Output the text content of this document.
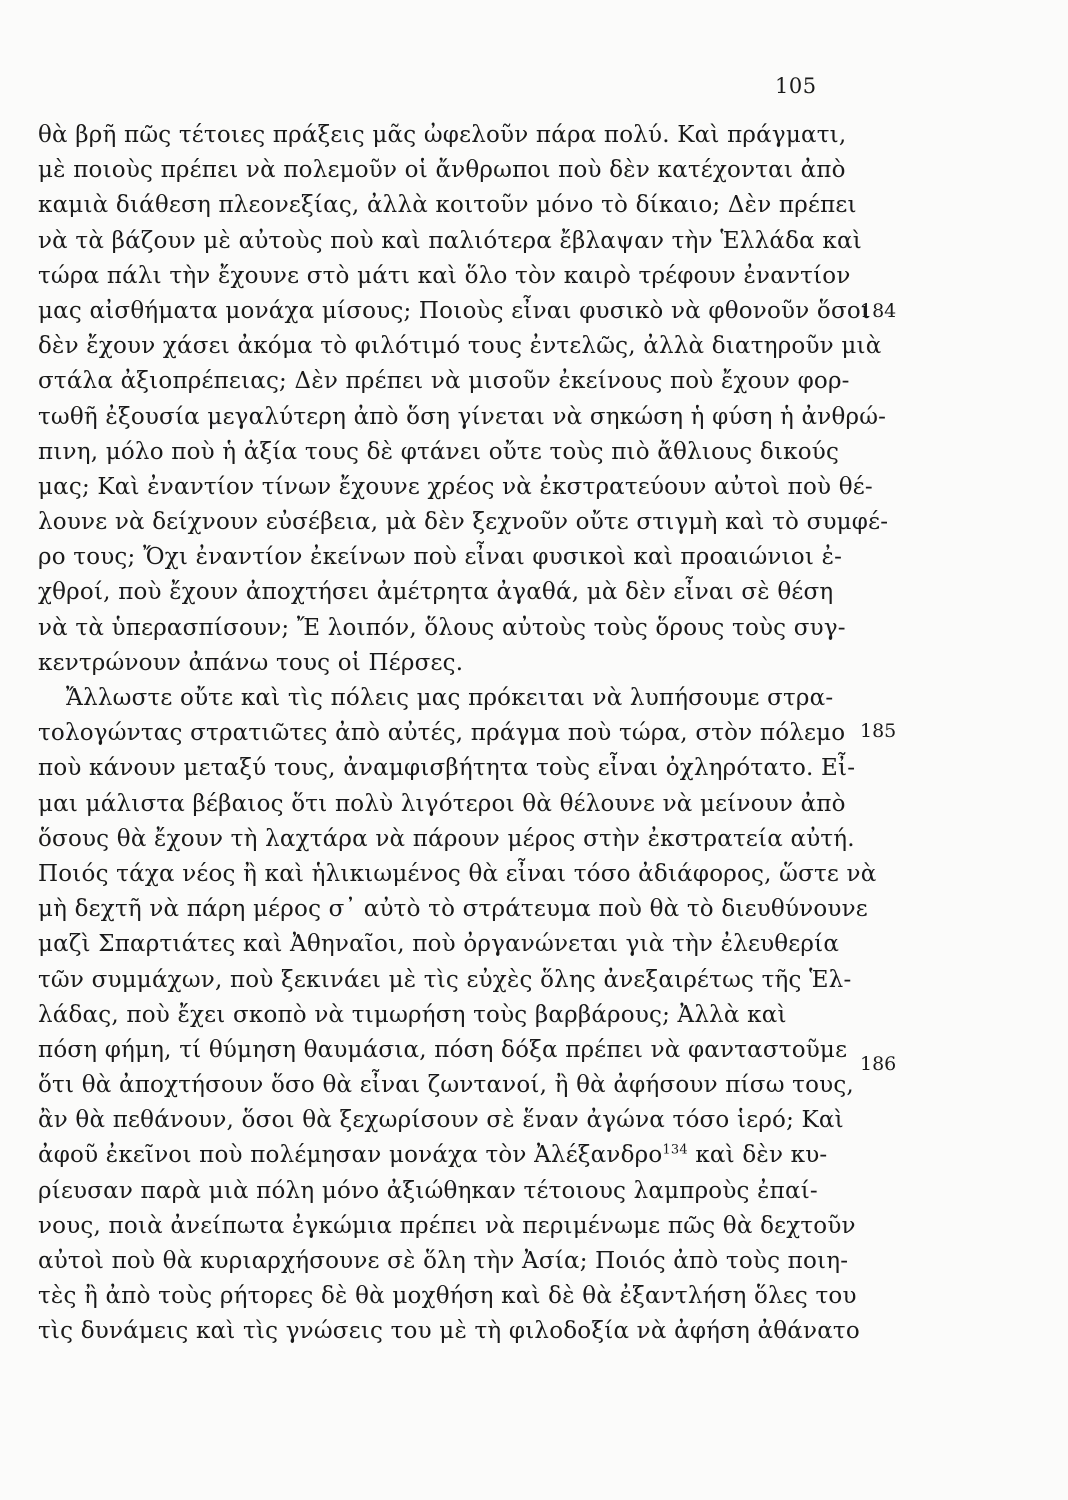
105
θὰ βρῆ πῶς τέτοιες πράξεις μᾶς ὠφελοῦν πάρα πολύ. Καὶ πράγματι,
μὲ ποιοὺς πρέπει νὰ πολεμοῦν οἱ ἄνθρωποι ποὺ δὲν κατέχονται ἀπὸ
καμιὰ διάθεση πλεονεξίας, ἀλλὰ κοιτοῦν μόνο τὸ δίκαιο; Δὲν πρέπει
νὰ τὰ βάζουν μὲ αὐτοὺς ποὺ καὶ παλιότερα ἔβλαψαν τὴν Ἑλλάδα καὶ
τώρα πάλι τὴν ἔχουνε στὸ μάτι καὶ ὅλο τὸν καιρὸ τρέφουν ἐναντίον
μας αἰσθήματα μονάχα μίσους; Ποιοὺς εἶναι φυσικὸ νὰ φθονοῦν ὅσοι
δὲν ἔχουν χάσει ἀκόμα τὸ φιλότιμό τους ἐντελῶς, ἀλλὰ διατηροῦν μιὰ
στάλα ἀξιοπρέπειας; Δὲν πρέπει νὰ μισοῦν ἐκείνους ποὺ ἔχουν φορ-
τωθῆ ἐξουσία μεγαλύτερη ἀπὸ ὅση γίνεται νὰ σηκώση ἡ φύση ἡ ἀνθρώ-
πινη, μόλο ποὺ ἡ ἀξία τους δὲ φτάνει οὔτε τοὺς πιὸ ἄθλιους δικούς
μας; Καὶ ἐναντίον τίνων ἔχουνε χρέος νὰ ἐκστρατεύουν αὐτοὶ ποὺ θέ-
λουνε νὰ δείχνουν εὐσέβεια, μὰ δὲν ξεχνοῦν οὔτε στιγμὴ καὶ τὸ συμφέ-
ρο τους; Ὄχι ἐναντίον ἐκείνων ποὺ εἶναι φυσικοὶ καὶ προαιώνιοι ἐ-
χθροί, ποὺ ἔχουν ἀποχτήσει ἀμέτρητα ἀγαθά, μὰ δὲν εἶναι σὲ θέση
νὰ τὰ ὑπερασπίσουν; Ἔ λοιπόν, ὅλους αὐτοὺς τοὺς ὅρους τοὺς συγ-
κεντρώνουν ἀπάνω τους οἱ Πέρσες.
Ἄλλωστε οὔτε καὶ τὶς πόλεις μας πρόκειται νὰ λυπήσουμε στρα-
τολογώντας στρατιῶτες ἀπὸ αὐτές, πράγμα ποὺ τώρα, στὸν πόλεμο
ποὺ κάνουν μεταξύ τους, ἀναμφισβήτητα τοὺς εἶναι ὀχληρότατο. Εἶ-
μαι μάλιστα βέβαιος ὅτι πολὺ λιγότεροι θὰ θέλουνε νὰ μείνουν ἀπὸ
ὅσους θὰ ἔχουν τὴ λαχτάρα νὰ πάρουν μέρος στὴν ἐκστρατεία αὐτή.
Ποιός τάχα νέος ἢ καὶ ἡλικιωμένος θὰ εἶναι τόσο ἀδιάφορος, ὥστε νὰ
μὴ δεχτῆ νὰ πάρη μέρος σ᾽ αὐτὸ τὸ στράτευμα ποὺ θὰ τὸ διευθύνουνε
μαζὶ Σπαρτιάτες καὶ Ἀθηναῖοι, ποὺ ὀργανώνεται γιὰ τὴν ἐλευθερία
τῶν συμμάχων, ποὺ ξεκινάει μὲ τὶς εὐχὲς ὅλης ἀνεξαιρέτως τῆς Ἑλ-
λάδας, ποὺ ἔχει σκοπὸ νὰ τιμωρήση τοὺς βαρβάρους; Ἀλλὰ καὶ
πόση φήμη, τί θύμηση θαυμάσια, πόση δόξα πρέπει νὰ φανταστοῦμε
ὅτι θὰ ἀποχτήσουν ὅσο θὰ εἶναι ζωντανοί, ἢ θὰ ἀφήσουν πίσω τους,
ἂν θὰ πεθάνουν, ὅσοι θὰ ξεχωρίσουν σὲ ἕναν ἀγώνα τόσο ἱερό; Καὶ
ἀφοῦ ἐκεῖνοι ποὺ πολέμησαν μονάχα τὸν Ἀλέξανδρο$^{134}$ καὶ δὲν κυ-
ρίευσαν παρὰ μιὰ πόλη μόνο ἀξιώθηκαν τέτοιους λαμπροὺς ἐπαί-
νους, ποιὰ ἀνείπωτα ἐγκώμια πρέπει νὰ περιμένωμε πῶς θὰ δεχτοῦν
αὐτοὶ ποὺ θὰ κυριαρχήσουνε σὲ ὅλη τὴν Ἀσία; Ποιός ἀπὸ τοὺς ποιη-
τὲς ἢ ἀπὸ τοὺς ρήτορες δὲ θὰ μοχθήση καὶ δὲ θὰ ἐξαντλήση ὅλες του
τὶς δυνάμεις καὶ τὶς γνώσεις του μὲ τὴ φιλοδοξία νὰ ἀφήση ἀθάνατο
184
185
186
